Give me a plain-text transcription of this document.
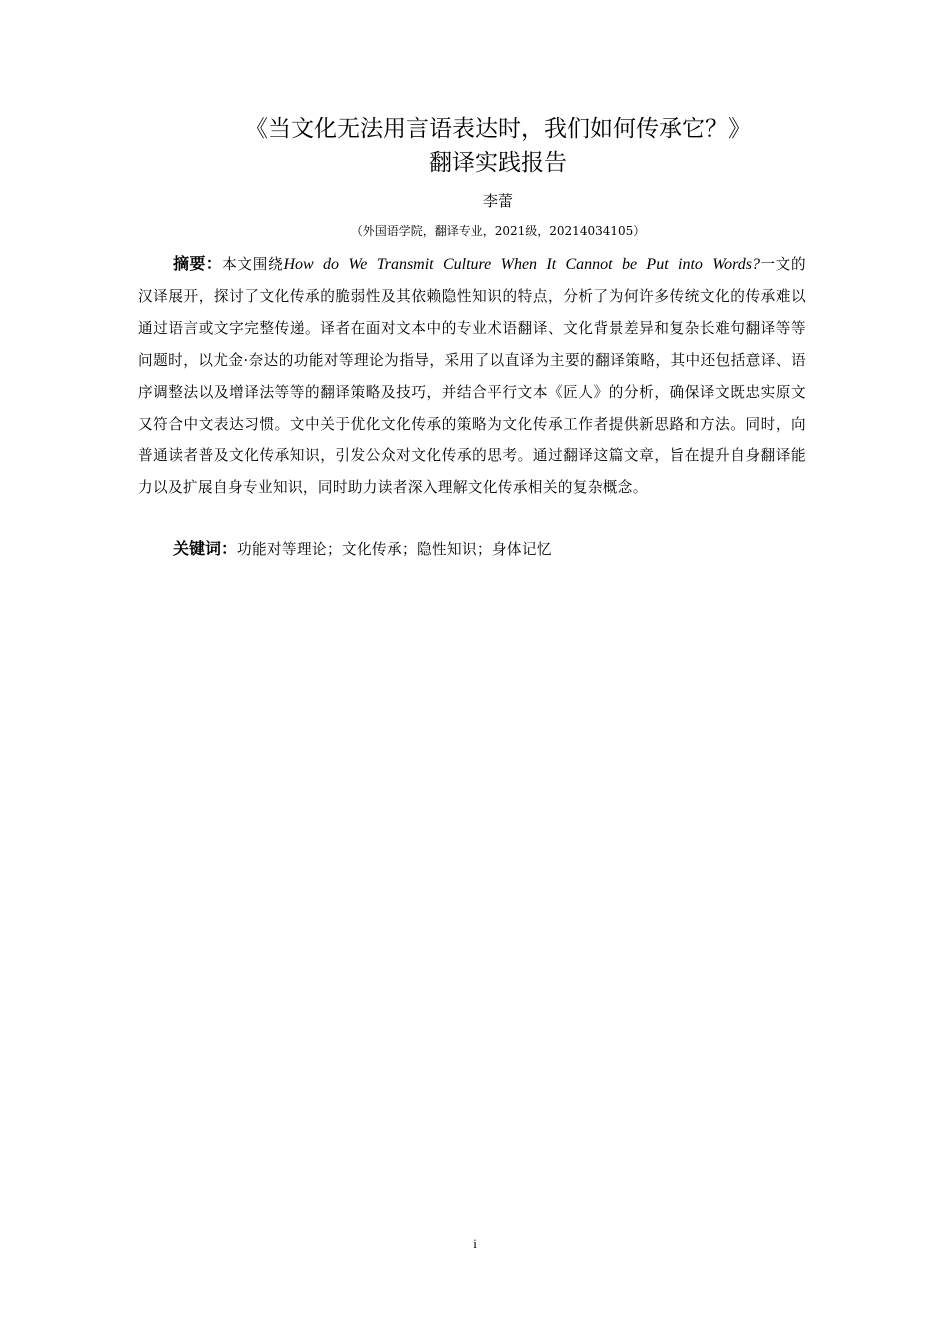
《当文化无法用言语表达时，我们如何传承它？》
翻译实践报告
李蕾
（外国语学院，翻译专业，2021级，20214034105）
摘要：本文围绕How do We Transmit Culture When It Cannot be Put into Words?一文的汉译展开，探讨了文化传承的脆弱性及其依赖隐性知识的特点，分析了为何许多传统文化的传承难以通过语言或文字完整传递。译者在面对文本中的专业术语翻译、文化背景差异和复杂长难句翻译等等问题时，以尤金·奈达的功能对等理论为指导，采用了以直译为主要的翻译策略，其中还包括意译、语序调整法以及增译法等等的翻译策略及技巧，并结合平行文本《匠人》的分析，确保译文既忠实原文又符合中文表达习惯。文中关于优化文化传承的策略为文化传承工作者提供新思路和方法。同时，向普通读者普及文化传承知识，引发公众对文化传承的思考。通过翻译这篇文章，旨在提升自身翻译能力以及扩展自身专业知识，同时助力读者深入理解文化传承相关的复杂概念。
关键词：功能对等理论；文化传承；隐性知识；身体记忆
i
